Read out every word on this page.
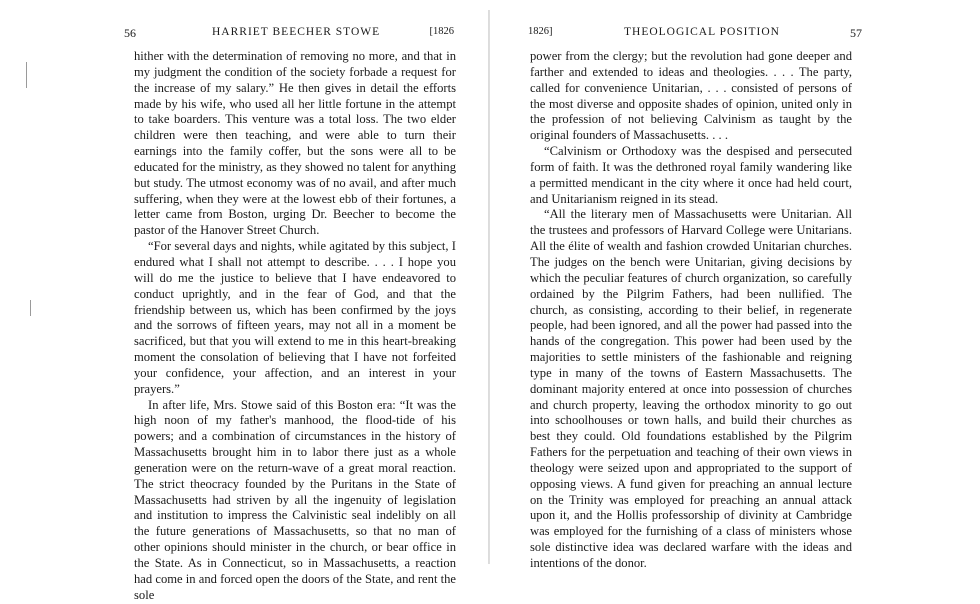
56	HARRIET BEECHER STOWE	[1826

hither with the determination of removing no more, and that in my judgment the condition of the society forbade a request for the increase of my salary.” He then gives in detail the efforts made by his wife, who used all her little fortune in the attempt to take boarders. This venture was a total loss. The two elder children were then teaching, and were able to turn their earnings into the family coffer, but the sons were all to be educated for the ministry, as they showed no talent for anything but study. The utmost economy was of no avail, and after much suffering, when they were at the lowest ebb of their fortunes, a letter came from Boston, urging Dr. Beecher to become the pastor of the Hanover Street Church.

“For several days and nights, while agitated by this subject, I endured what I shall not attempt to describe. . . . I hope you will do me the justice to believe that I have endeavored to conduct uprightly, and in the fear of God, and that the friendship between us, which has been confirmed by the joys and the sorrows of fifteen years, may not all in a moment be sacrificed, but that you will extend to me in this heart-breaking moment the consolation of believing that I have not forfeited your confidence, your affection, and an interest in your prayers.”

In after life, Mrs. Stowe said of this Boston era: “It was the high noon of my father's manhood, the flood-tide of his powers; and a combination of circumstances in the history of Massachusetts brought him in to labor there just as a whole generation were on the return-wave of a great moral reaction. The strict theocracy founded by the Puritans in the State of Massachusetts had striven by all the ingenuity of legislation and institution to impress the Calvinistic seal indelibly on all the future generations of Massachusetts, so that no man of other opinions should minister in the church, or bear office in the State. As in Connecticut, so in Massachusetts, a reaction had come in and forced open the doors of the State, and rent the sole

1826]	THEOLOGICAL POSITION	57

power from the clergy; but the revolution had gone deeper and farther and extended to ideas and theologies. . . . The party, called for convenience Unitarian, . . . consisted of persons of the most diverse and opposite shades of opinion, united only in the profession of not believing Calvinism as taught by the original founders of Massachusetts. . . .

“Calvinism or Orthodoxy was the despised and persecuted form of faith. It was the dethroned royal family wandering like a permitted mendicant in the city where it once had held court, and Unitarianism reigned in its stead.

“All the literary men of Massachusetts were Unitarian. All the trustees and professors of Harvard College were Unitarians. All the élite of wealth and fashion crowded Unitarian churches. The judges on the bench were Unitarian, giving decisions by which the peculiar features of church organization, so carefully ordained by the Pilgrim Fathers, had been nullified. The church, as consisting, according to their belief, in regenerate people, had been ignored, and all the power had passed into the hands of the congregation. This power had been used by the majorities to settle ministers of the fashionable and reigning type in many of the towns of Eastern Massachusetts. The dominant majority entered at once into possession of churches and church property, leaving the orthodox minority to go out into schoolhouses or town halls, and build their churches as best they could. Old foundations established by the Pilgrim Fathers for the perpetuation and teaching of their own views in theology were seized upon and appropriated to the support of opposing views. A fund given for preaching an annual lecture on the Trinity was employed for preaching an annual attack upon it, and the Hollis professorship of divinity at Cambridge was employed for the furnishing of a class of ministers whose sole distinctive idea was declared warfare with the ideas and intentions of the donor.
